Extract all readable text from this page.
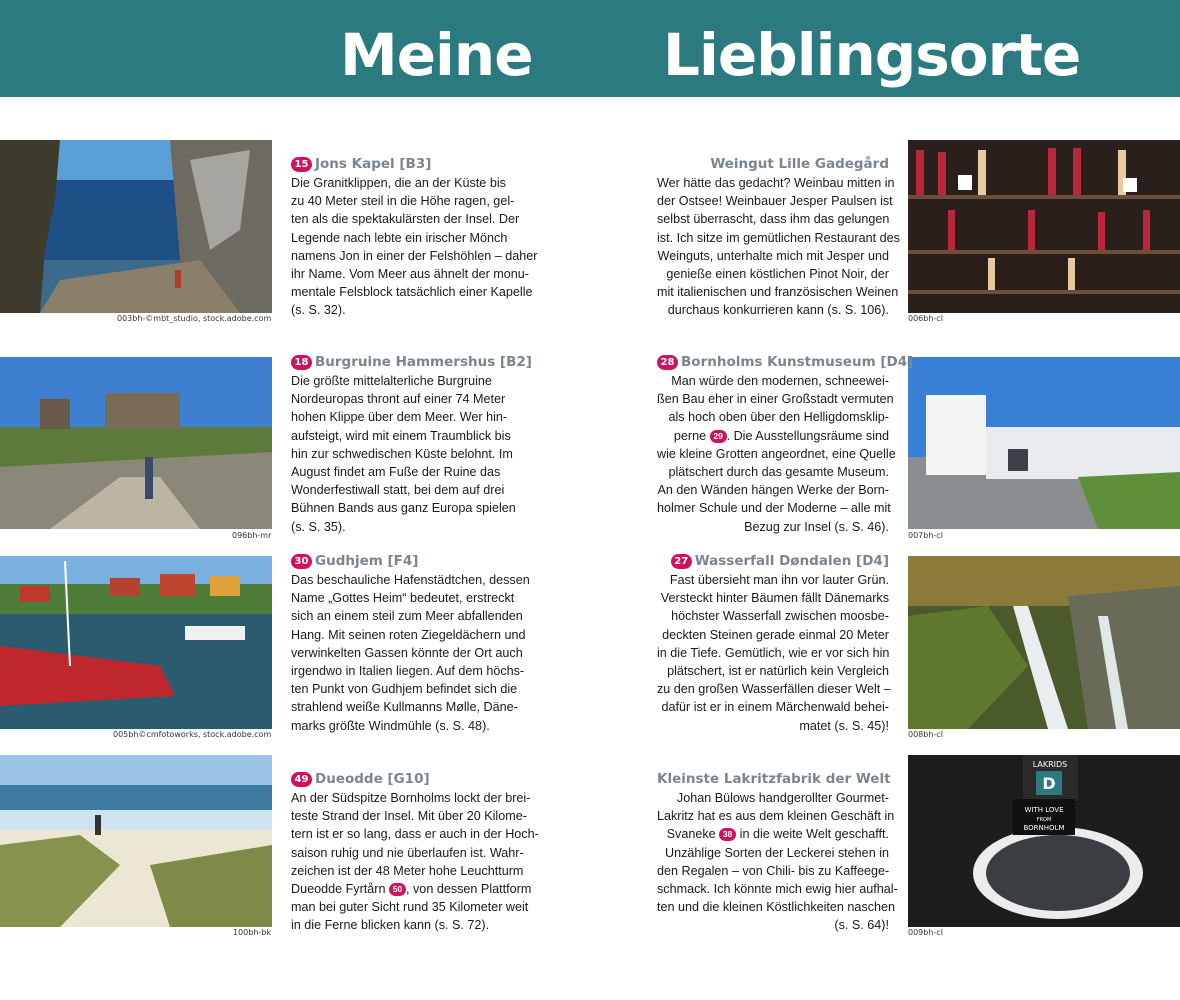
Meine Lieblingsorte
003bh-©mbt_studio, stock.adobe.com
096bh-mr
005bh©cmfotoworks, stock.adobe.com
100bh-bk
006bh-cl
007bh-cl
008bh-cl
LAKRIDS
D
WITH LOVE
FROM
BORNHOLM
009bh-cl
15 Jons Kapel [B3]
Die Granitklippen, die an der Küste bis
zu 40 Meter steil in die Höhe ragen, gel-
ten als die spektakulärsten der Insel. Der
Legende nach lebte ein irischer Mönch
namens Jon in einer der Felshöhlen – daher
ihr Name. Vom Meer aus ähnelt der monu-
mentale Felsblock tatsächlich einer Kapelle
(s. S. 32).
18 Burgruine Hammershus [B2]
Die größte mittelalterliche Burgruine
Nordeuropas thront auf einer 74 Meter
hohen Klippe über dem Meer. Wer hin-
aufsteigt, wird mit einem Traumblick bis
hin zur schwedischen Küste belohnt. Im
August findet am Fuße der Ruine das
Wonderfestiwall statt, bei dem auf drei
Bühnen Bands aus ganz Europa spielen
(s. S. 35).
30 Gudhjem [F4]
Das beschauliche Hafenstädtchen, dessen
Name „Gottes Heim“ bedeutet, erstreckt
sich an einem steil zum Meer abfallenden
Hang. Mit seinen roten Ziegeldächern und
verwinkelten Gassen könnte der Ort auch
irgendwo in Italien liegen. Auf dem höchs-
ten Punkt von Gudhjem befindet sich die
strahlend weiße Kullmanns Mølle, Däne-
marks größte Windmühle (s. S. 48).
49 Dueodde [G10]
An der Südspitze Bornholms lockt der brei-
teste Strand der Insel. Mit über 20 Kilome-
tern ist er so lang, dass er auch in der Hoch-
saison ruhig und nie überlaufen ist. Wahr-
zeichen ist der 48 Meter hohe Leuchtturm
Dueodde Fyrtårn 50 , von dessen Plattform
man bei guter Sicht rund 35 Kilometer weit
in die Ferne blicken kann (s. S. 72).
Weingut Lille Gadegård
Wer hätte das gedacht? Weinbau mitten in
der Ostsee! Weinbauer Jesper Paulsen ist
selbst überrascht, dass ihm das gelungen
ist. Ich sitze im gemütlichen Restaurant des
Weinguts, unterhalte mich mit Jesper und
genieße einen köstlichen Pinot Noir, der
mit italienischen und französischen Weinen
durchaus konkurrieren kann (s. S. 106).
28 Bornholms Kunstmuseum [D4]
Man würde den modernen, schneewei-
ßen Bau eher in einer Großstadt vermuten
als hoch oben über den Helligdomsklip-
perne 29 . Die Ausstellungsräume sind
wie kleine Grotten angeordnet, eine Quelle
plätschert durch das gesamte Museum.
An den Wänden hängen Werke der Born-
holmer Schule und der Moderne – alle mit
Bezug zur Insel (s. S. 46).
27 Wasserfall Døndalen [D4]
Fast übersieht man ihn vor lauter Grün.
Versteckt hinter Bäumen fällt Dänemarks
höchster Wasserfall zwischen moosbe-
deckten Steinen gerade einmal 20 Meter
in die Tiefe. Gemütlich, wie er vor sich hin
plätschert, ist er natürlich kein Vergleich
zu den großen Wasserfällen dieser Welt –
dafür ist er in einem Märchenwald behei-
matet (s. S. 45)!
Kleinste Lakritzfabrik der Welt
Johan Bülows handgerollter Gourmet-
Lakritz hat es aus dem kleinen Geschäft in
Svaneke 38 in die weite Welt geschafft.
Unzählige Sorten der Leckerei stehen in
den Regalen – von Chili- bis zu Kaffeege-
schmack. Ich könnte mich ewig hier aufhal-
ten und die kleinen Köstlichkeiten naschen
(s. S. 64)!
